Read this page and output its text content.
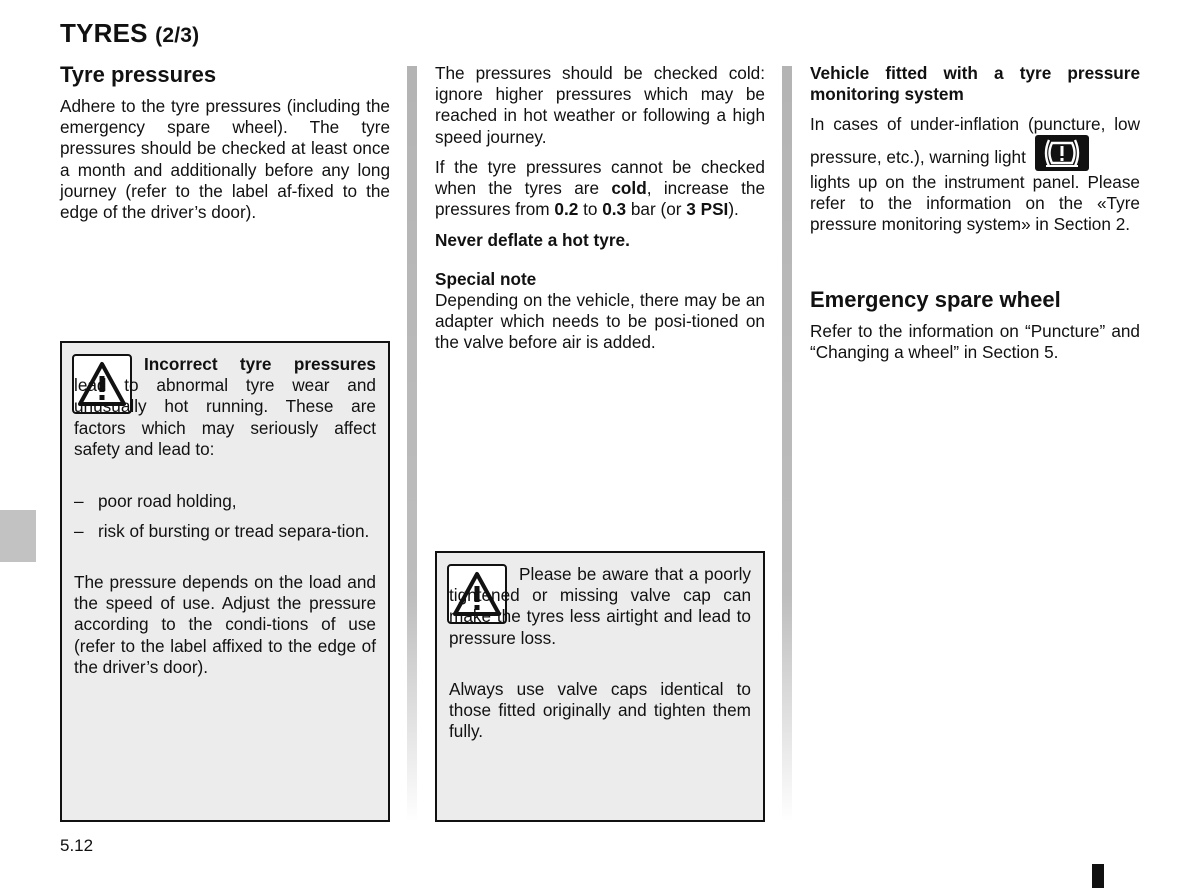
TYRES (2/3)
Tyre pressures
Adhere to the tyre pressures (including the emergency spare wheel). The tyre pressures should be checked at least once a month and additionally before any long journey (refer to the label af-fixed to the edge of the driver’s door).
Incorrect tyre pressures lead to abnormal tyre wear and unusually hot running. These are factors which may seriously affect safety and lead to:
– poor road holding,
– risk of bursting or tread separa-tion.
The pressure depends on the load and the speed of use. Adjust the pressure according to the condi-tions of use (refer to the label affixed to the edge of the driver’s door).
The pressures should be checked cold: ignore higher pressures which may be reached in hot weather or following a high speed journey.
If the tyre pressures cannot be checked when the tyres are cold, increase the pressures from 0.2 to 0.3 bar (or 3 PSI).
Never deflate a hot tyre.
Special note
Depending on the vehicle, there may be an adapter which needs to be posi-tioned on the valve before air is added.
Please be aware that a poorly tightened or missing valve cap can make the tyres less airtight and lead to pressure loss.
Always use valve caps identical to those fitted originally and tighten them fully.
Vehicle fitted with a tyre pressure monitoring system
In cases of under-inflation (puncture, low pressure, etc.), warning light
lights up on the instrument panel. Please refer to the information on the «Tyre pressure monitoring system» in Section 2.
Emergency spare wheel
Refer to the information on “Puncture” and “Changing a wheel” in Section 5.
5.12
